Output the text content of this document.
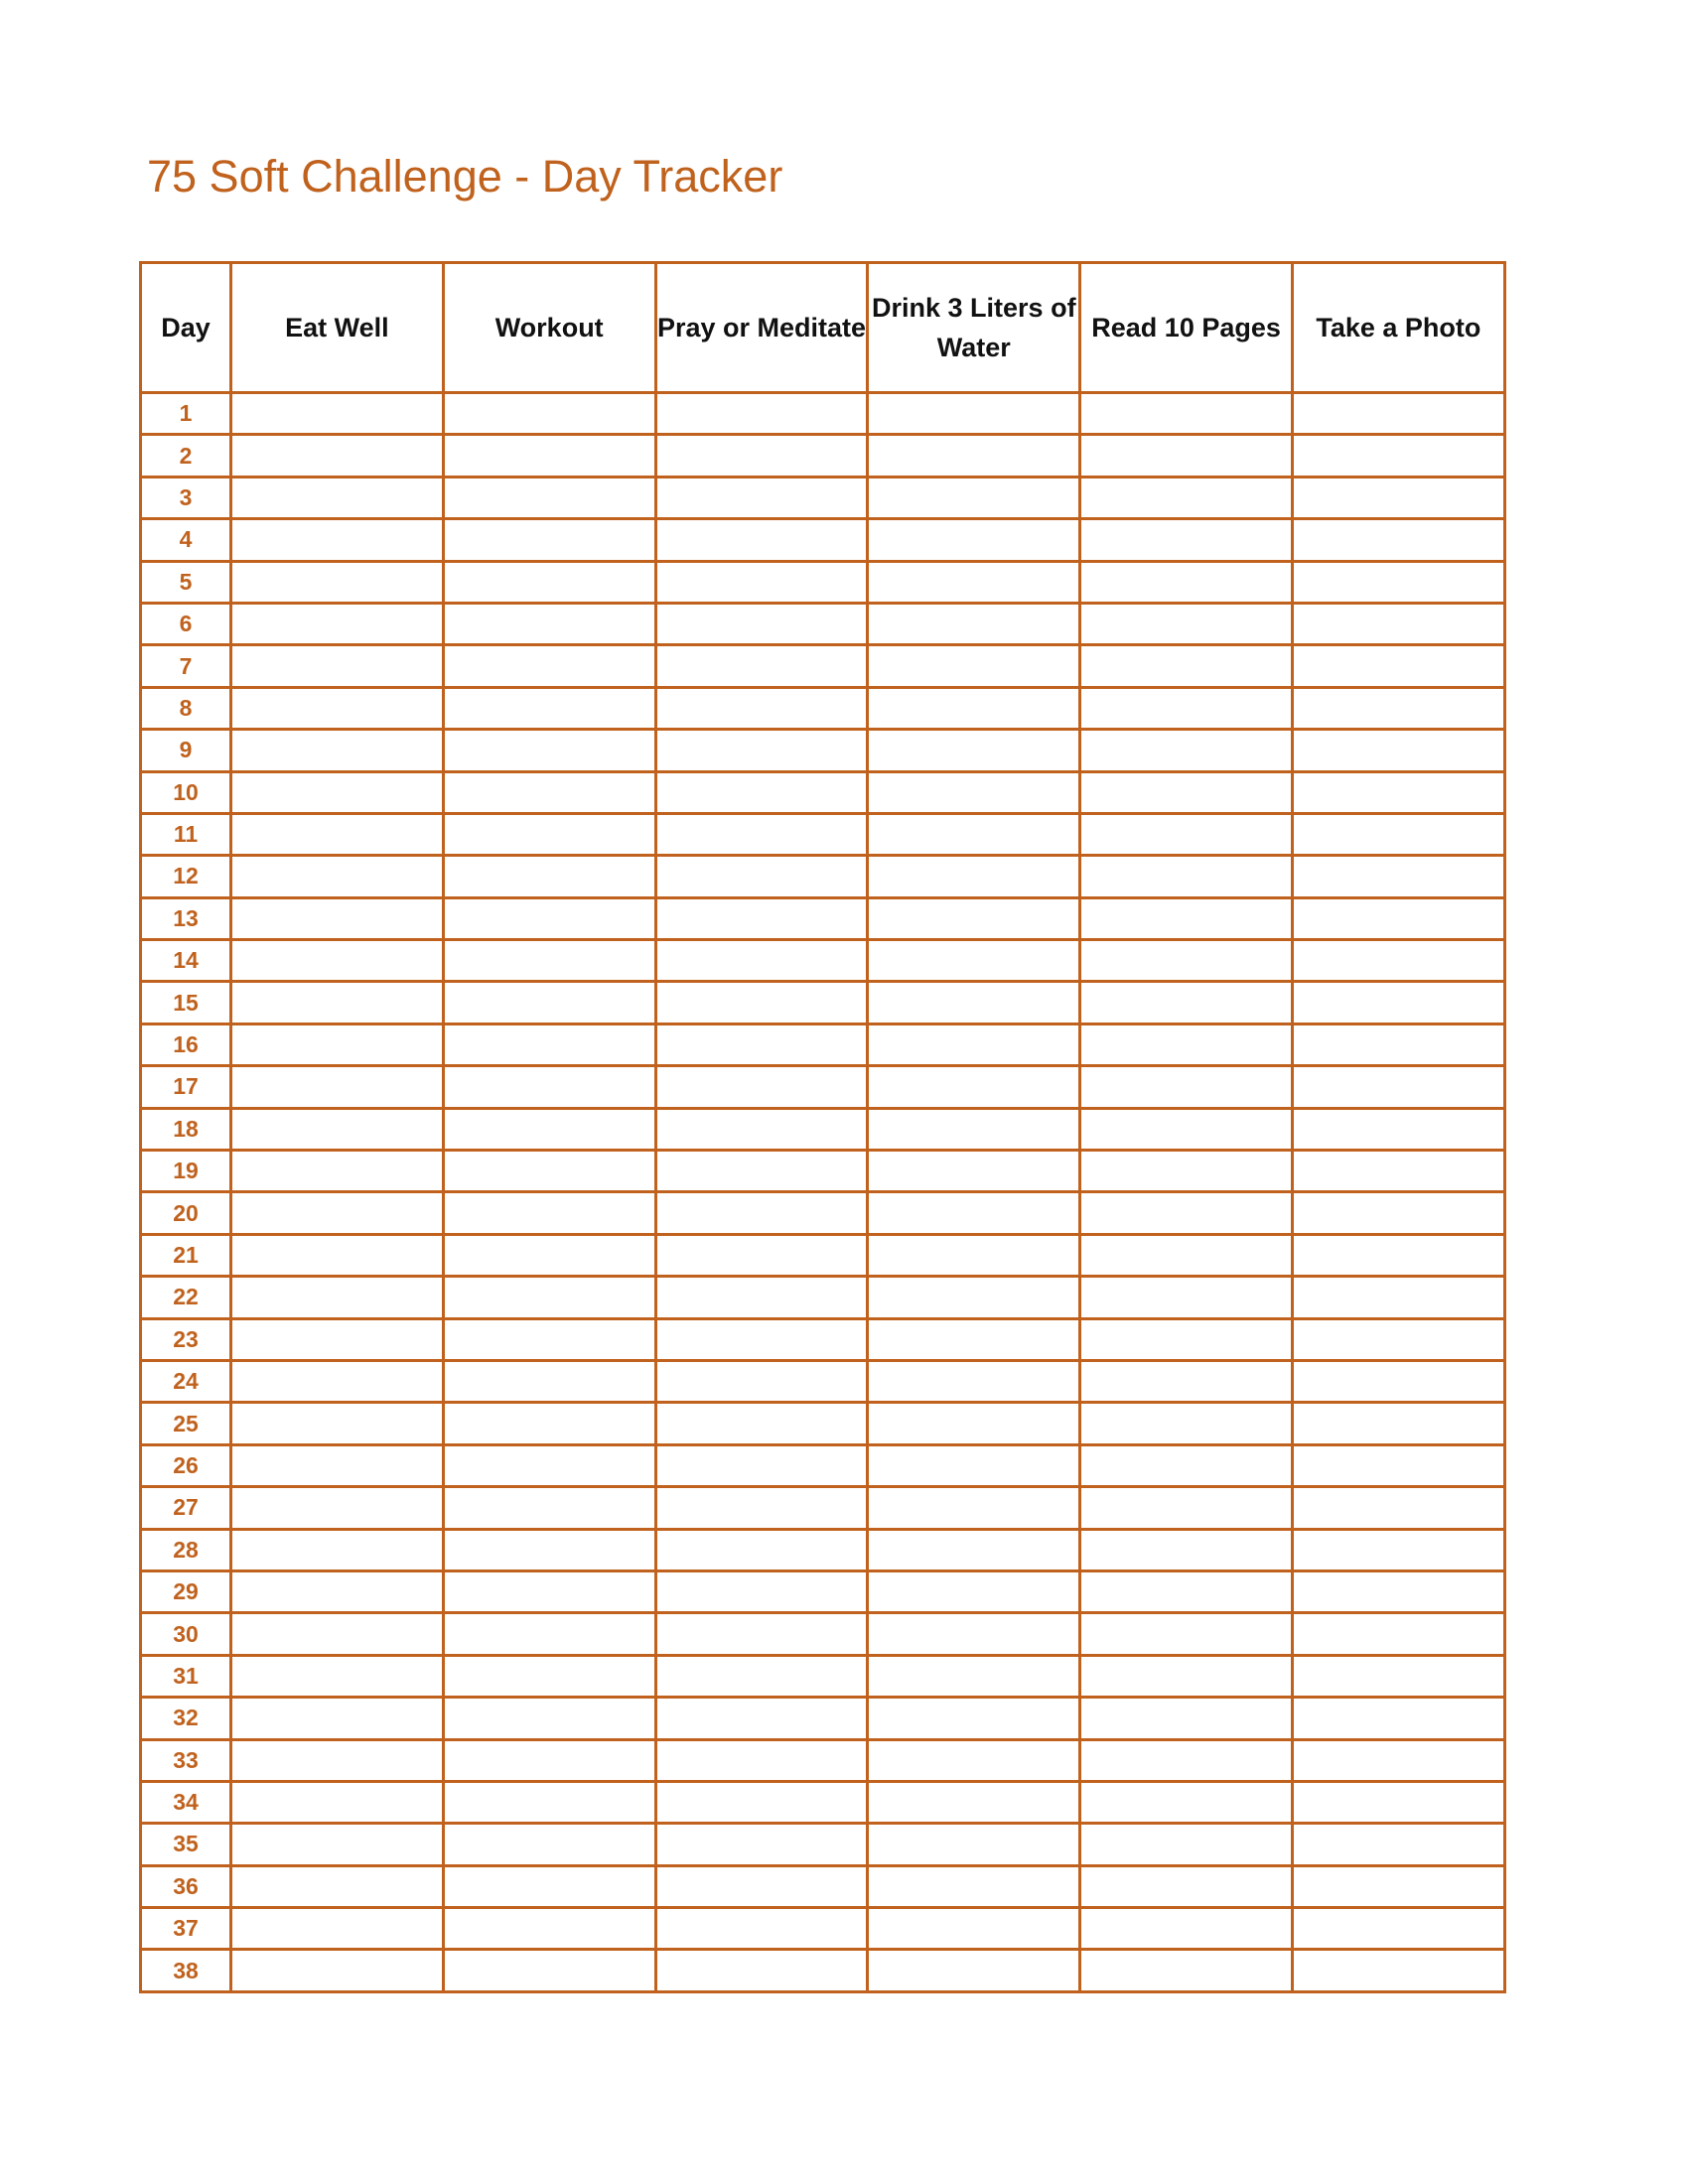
75 Soft Challenge - Day Tracker
Day	Eat Well	Workout	Pray or Meditate	Drink 3 Liters of Water	Read 10 Pages	Take a Photo
1						
2						
3						
4						
5						
6						
7						
8						
9						
10						
11						
12						
13						
14						
15						
16						
17						
18						
19						
20						
21						
22						
23						
24						
25						
26						
27						
28						
29						
30						
31						
32						
33						
34						
35						
36						
37						
38						
